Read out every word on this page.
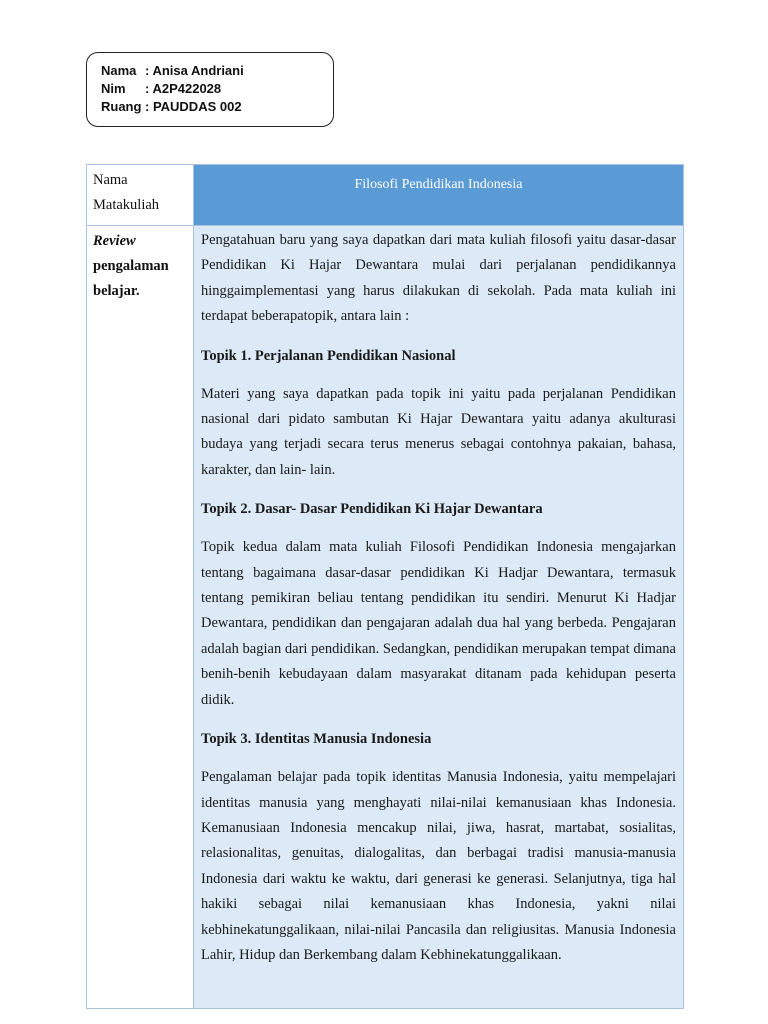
Nama : Anisa Andriani
Nim	: A2P422028
Ruang : PAUDDAS 002
Nama
Matakuliah
Filosofi Pendidikan Indonesia
Review
pengalaman
belajar.

Pengatahuan baru yang saya dapatkan dari mata kuliah filosofi yaitu dasar-dasar Pendidikan Ki Hajar Dewantara mulai dari perjalanan pendidikannya hinggaimplementasi yang harus dilakukan di sekolah. Pada mata kuliah ini terdapat beberapatopik, antara lain :

Topik 1. Perjalanan Pendidikan Nasional

Materi yang saya dapatkan pada topik ini yaitu pada perjalanan Pendidikan nasional dari pidato sambutan Ki Hajar Dewantara yaitu adanya akulturasi budaya yang terjadi secara terus menerus sebagai contohnya pakaian, bahasa, karakter, dan lain- lain.

Topik 2. Dasar- Dasar Pendidikan Ki Hajar Dewantara

Topik kedua dalam mata kuliah Filosofi Pendidikan Indonesia mengajarkan tentang bagaimana dasar-dasar pendidikan Ki Hadjar Dewantara, termasuk tentang pemikiran beliau tentang pendidikan itu sendiri. Menurut Ki Hadjar Dewantara, pendidikan dan pengajaran adalah dua hal yang berbeda. Pengajaran adalah bagian dari pendidikan. Sedangkan, pendidikan merupakan tempat dimana benih-benih kebudayaan dalam masyarakat ditanam pada kehidupan peserta didik.

Topik 3. Identitas Manusia Indonesia

Pengalaman belajar pada topik identitas Manusia Indonesia, yaitu mempelajari identitas manusia yang menghayati nilai-nilai kemanusiaan khas Indonesia. Kemanusiaan Indonesia mencakup nilai, jiwa, hasrat, martabat, sosialitas, relasionalitas, genuitas, dialogalitas, dan berbagai tradisi manusia-manusia Indonesia dari waktu ke waktu, dari generasi ke generasi. Selanjutnya, tiga hal hakiki sebagai nilai kemanusiaan khas Indonesia, yakni nilai kebhinekatunggalikaan, nilai-nilai Pancasila dan religiusitas. Manusia Indonesia Lahir, Hidup dan Berkembang dalam Kebhinekatunggalikaan.
